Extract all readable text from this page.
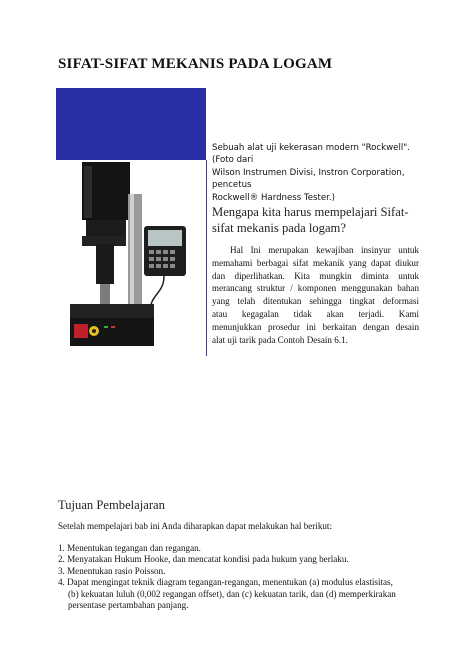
SIFAT-SIFAT MEKANIS PADA LOGAM
Sebuah alat uji kekerasan modern "Rockwell".
(Foto dari
Wilson Instrumen Divisi, Instron Corporation,
pencetus
Rockwell® Hardness Tester.)
Mengapa kita harus mempelajari Sifat-
sifat mekanis pada logam?
Hal Ini merupakan kewajiban insinyur untuk
memahami berbagai sifat mekanik yang dapat diukur
dan diperlihatkan. Kita mungkin diminta untuk
merancang struktur / komponen menggunakan bahan
yang telah ditentukan sehingga tingkat deformasi
atau kegagalan tidak akan terjadi. Kami
menunjukkan prosedur ini berkaitan dengan desain
alat uji tarik pada Contoh Desain 6.1.
Tujuan Pembelajaran
Setelah mempelajari bab ini Anda diharapkan dapat melakukan hal berikut:
1. Menentukan tegangan dan regangan.
2. Menyatakan Hukum Hooke, dan mencatat kondisi pada hukum yang berlaku.
3. Menentukan rasio Poisson.
4. Dapat mengingat teknik diagram tegangan-regangan, menentukan (a) modulus elastisitas,
(b) kekuatan luluh (0,002 regangan offset), dan (c) kekuatan tarik, dan (d) memperkirakan
persentase pertambahan panjang.
